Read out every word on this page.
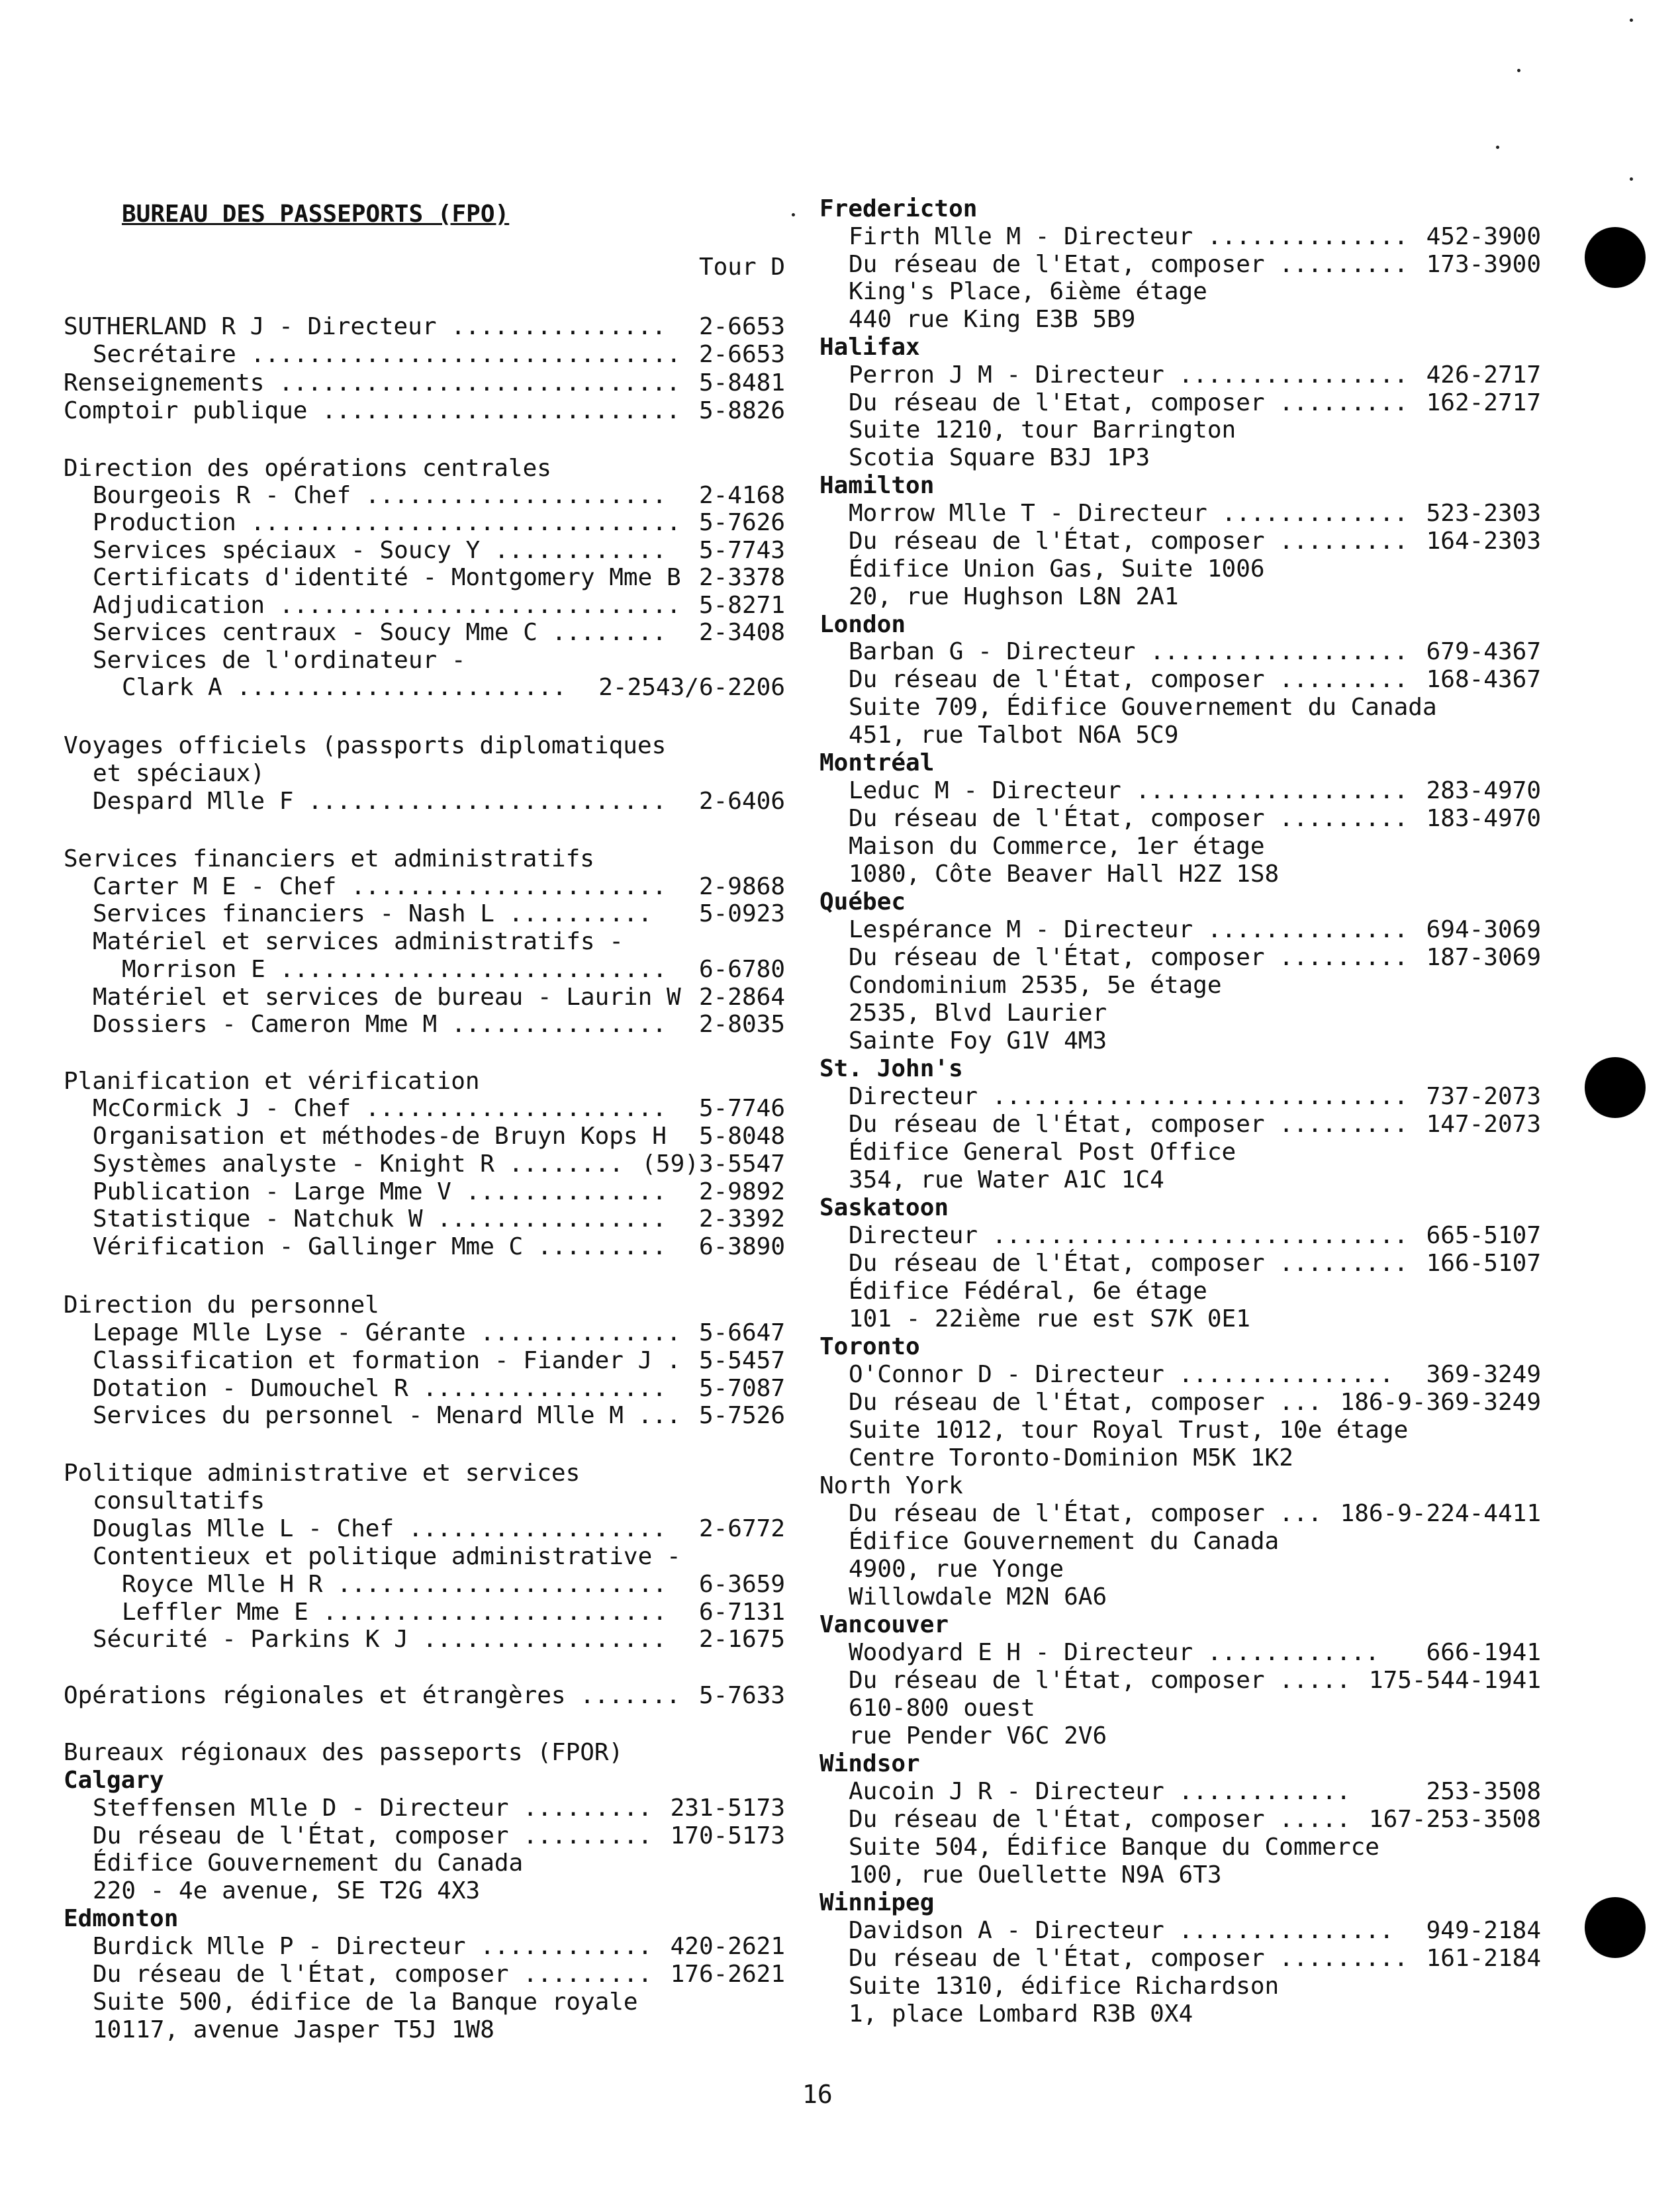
BUREAU DES PASSEPORTS (FPO)
Tour D
SUTHERLAND R J - Directeur ............... 2-6653
Secrétaire .............................. 2-6653
Renseignements ............................ 5-8481
Comptoir publique ......................... 5-8826
Direction des opérations centrales
Bourgeois R - Chef ..................... 2-4168
Production .............................. 5-7626
Services spéciaux - Soucy Y ............ 5-7743
Certificats d'identité - Montgomery Mme B 2-3378
Adjudication ............................ 5-8271
Services centraux - Soucy Mme C ........ 2-3408
Services de l'ordinateur -
Clark A ....................... 2-2543/6-2206
Voyages officiels (passports diplomatiques
et spéciaux)
Despard Mlle F ......................... 2-6406
Services financiers et administratifs
Carter M E - Chef ...................... 2-9868
Services financiers - Nash L .......... 5-0923
Matériel et services administratifs -
Morrison E ........................... 6-6780
Matériel et services de bureau - Laurin W 2-2864
Dossiers - Cameron Mme M ............... 2-8035
Planification et vérification
McCormick J - Chef ..................... 5-7746
Organisation et méthodes-de Bruyn Kops H 5-8048
Systèmes analyste - Knight R ........ (59)3-5547
Publication - Large Mme V .............. 2-9892
Statistique - Natchuk W ................ 2-3392
Vérification - Gallinger Mme C ......... 6-3890
Direction du personnel
Lepage Mlle Lyse - Gérante .............. 5-6647
Classification et formation - Fiander J . 5-5457
Dotation - Dumouchel R ................. 5-7087
Services du personnel - Menard Mlle M ... 5-7526
Politique administrative et services
consultatifs
Douglas Mlle L - Chef .................. 2-6772
Contentieux et politique administrative -
Royce Mlle H R ....................... 6-3659
Leffler Mme E ........................ 6-7131
Sécurité - Parkins K J ................. 2-1675
Opérations régionales et étrangères ....... 5-7633
Bureaux régionaux des passeports (FPOR)
Calgary
Steffensen Mlle D - Directeur ......... 231-5173
Du réseau de l'État, composer ......... 170-5173
Édifice Gouvernement du Canada
220 - 4e avenue, SE T2G 4X3
Edmonton
Burdick Mlle P - Directeur ............ 420-2621
Du réseau de l'État, composer ......... 176-2621
Suite 500, édifice de la Banque royale
10117, avenue Jasper T5J 1W8
Fredericton
Firth Mlle M - Directeur .............. 452-3900
Du réseau de l'Etat, composer ......... 173-3900
King's Place, 6ième étage
440 rue King E3B 5B9
Halifax
Perron J M - Directeur ................ 426-2717
Du réseau de l'Etat, composer ......... 162-2717
Suite 1210, tour Barrington
Scotia Square B3J 1P3
Hamilton
Morrow Mlle T - Directeur ............. 523-2303
Du réseau de l'État, composer ......... 164-2303
Édifice Union Gas, Suite 1006
20, rue Hughson L8N 2A1
London
Barban G - Directeur .................. 679-4367
Du réseau de l'État, composer ......... 168-4367
Suite 709, Édifice Gouvernement du Canada
451, rue Talbot N6A 5C9
Montréal
Leduc M - Directeur ................... 283-4970
Du réseau de l'État, composer ......... 183-4970
Maison du Commerce, 1er étage
1080, Côte Beaver Hall H2Z 1S8
Québec
Lespérance M - Directeur .............. 694-3069
Du réseau de l'État, composer ......... 187-3069
Condominium 2535, 5e étage
2535, Blvd Laurier
Sainte Foy G1V 4M3
St. John's
Directeur ............................. 737-2073
Du réseau de l'État, composer ......... 147-2073
Édifice General Post Office
354, rue Water A1C 1C4
Saskatoon
Directeur ............................. 665-5107
Du réseau de l'État, composer ......... 166-5107
Édifice Fédéral, 6e étage
101 - 22ième rue est S7K 0E1
Toronto
O'Connor D - Directeur ............... 369-3249
Du réseau de l'État, composer ... 186-9-369-3249
Suite 1012, tour Royal Trust, 10e étage
Centre Toronto-Dominion M5K 1K2
North York
Du réseau de l'État, composer ... 186-9-224-4411
Édifice Gouvernement du Canada
4900, rue Yonge
Willowdale M2N 6A6
Vancouver
Woodyard E H - Directeur ............ 666-1941
Du réseau de l'État, composer ..... 175-544-1941
610-800 ouest
rue Pender V6C 2V6
Windsor
Aucoin J R - Directeur ............	253-3508
Du réseau de l'État, composer ..... 167-253-3508
Suite 504, Édifice Banque du Commerce
100, rue Ouellette N9A 6T3
Winnipeg
Davidson A - Directeur ............... 949-2184
Du réseau de l'État, composer ......... 161-2184
Suite 1310, édifice Richardson
1, place Lombard R3B 0X4
16
